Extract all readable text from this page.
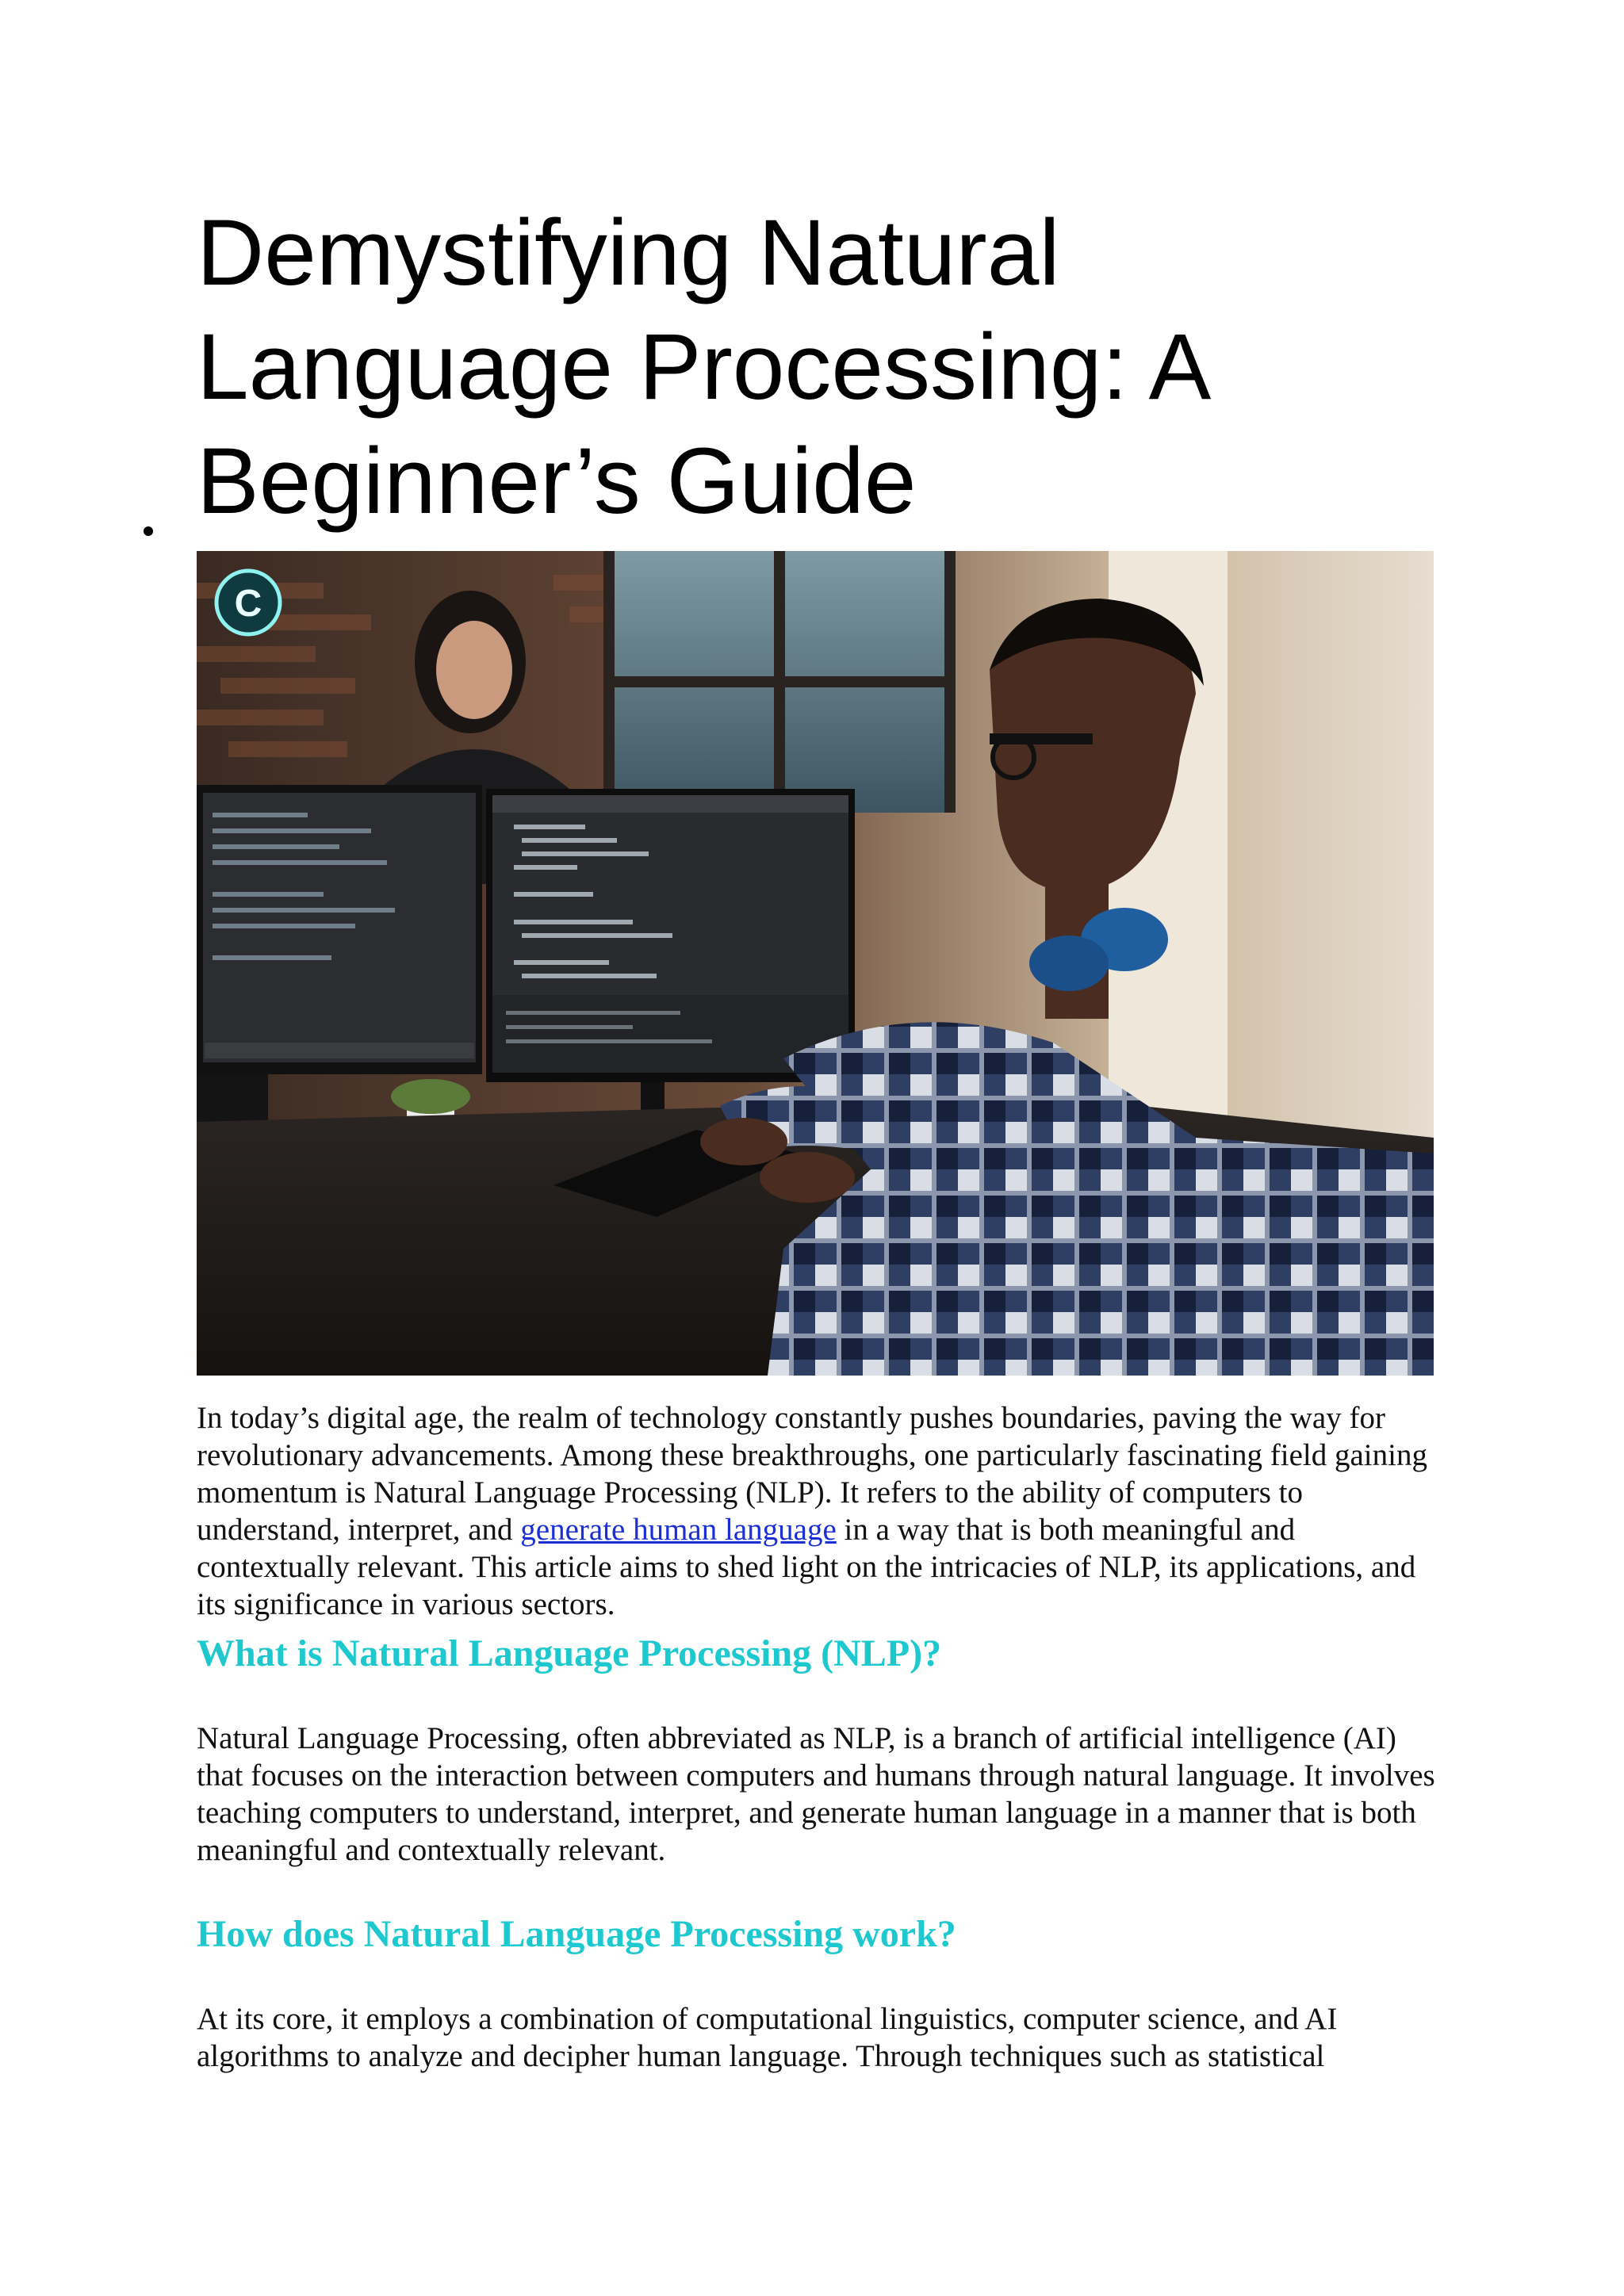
Demystifying Natural Language Processing: A Beginner’s Guide
C

In today’s digital age, the realm of technology constantly pushes boundaries, paving the way for revolutionary advancements. Among these breakthroughs, one particularly fascinating field gaining momentum is Natural Language Processing (NLP). It refers to the ability of computers to understand, interpret, and generate human language in a way that is both meaningful and contextually relevant. This article aims to shed light on the intricacies of NLP, its applications, and its significance in various sectors.

What is Natural Language Processing (NLP)?

Natural Language Processing, often abbreviated as NLP, is a branch of artificial intelligence (AI) that focuses on the interaction between computers and humans through natural language. It involves teaching computers to understand, interpret, and generate human language in a manner that is both meaningful and contextually relevant.

How does Natural Language Processing work?

At its core, it employs a combination of computational linguistics, computer science, and AI algorithms to analyze and decipher human language. Through techniques such as statistical
